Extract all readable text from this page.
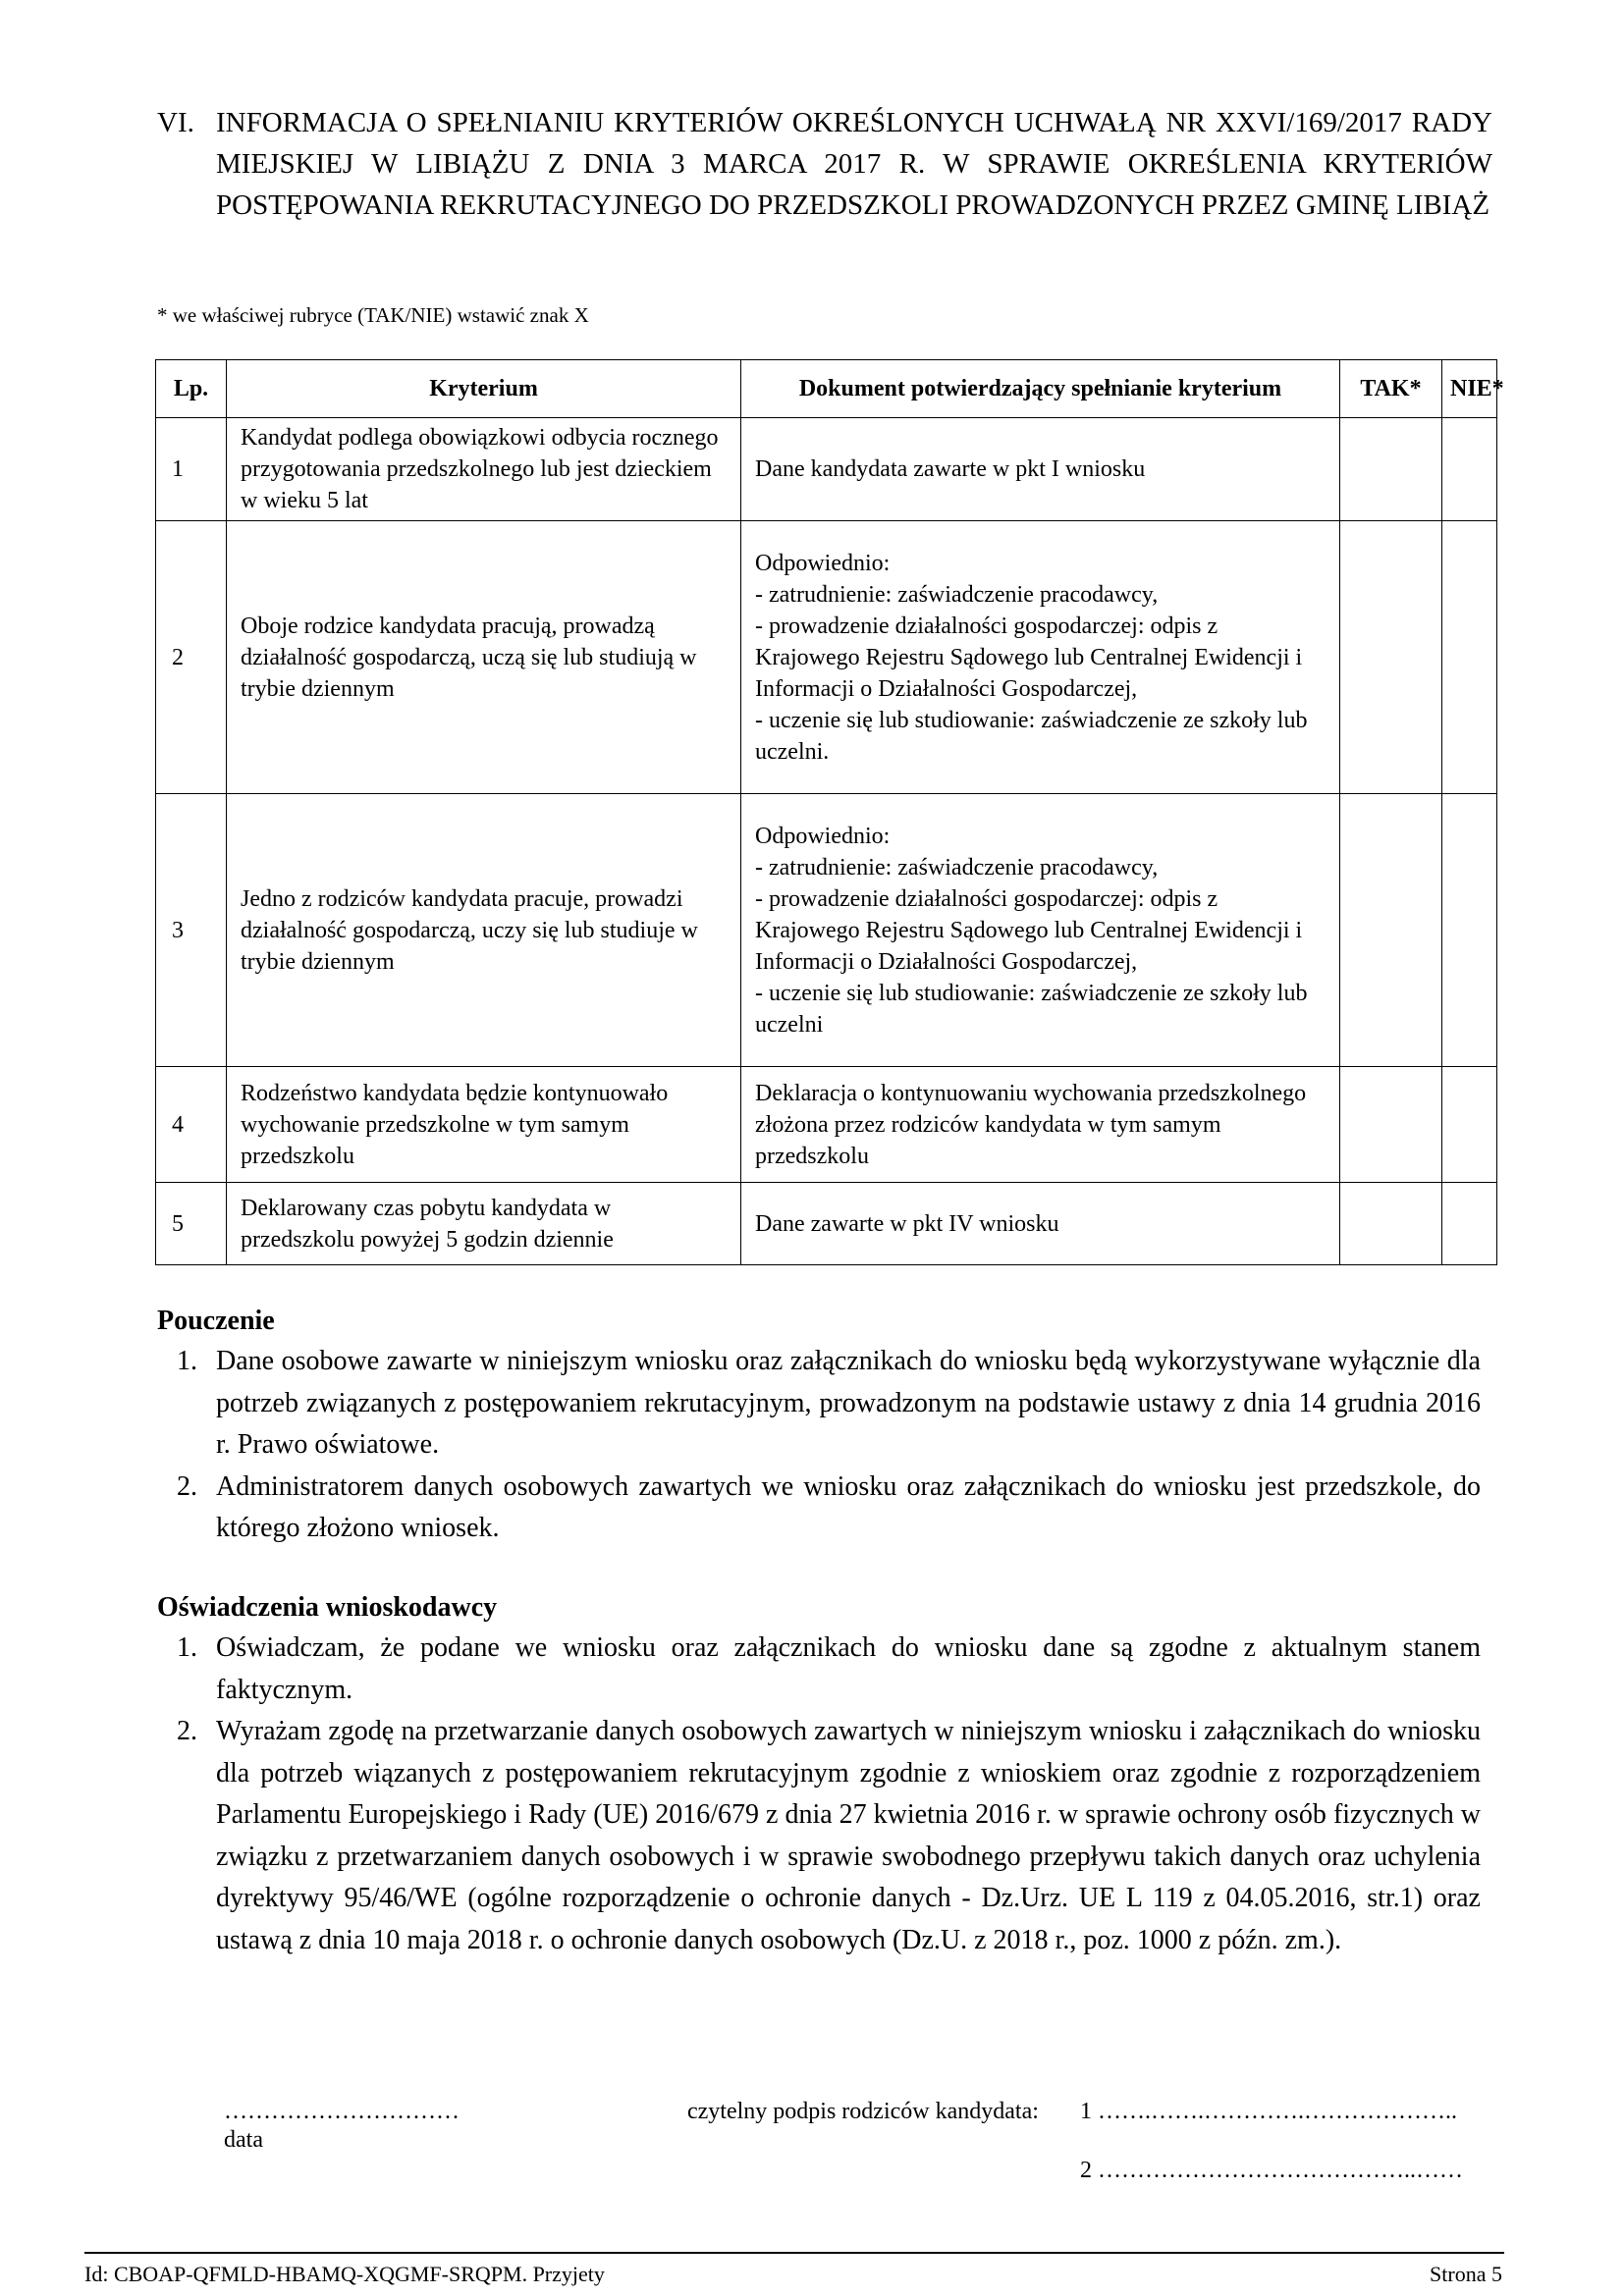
VI. INFORMACJA O SPEŁNIANIU KRYTERIÓW OKREŚLONYCH UCHWAŁĄ NR XXVI/169/2017 RADY MIEJSKIEJ W LIBIĄŻU Z DNIA 3 MARCA 2017 R. W SPRAWIE OKREŚLENIA KRYTERIÓW POSTĘPOWANIA REKRUTACYJNEGO DO PRZEDSZKOLI PROWADZONYCH PRZEZ GMINĘ LIBIĄŻ
* we właściwej rubryce (TAK/NIE) wstawić znak X
Lp.	Kryterium	Dokument potwierdzający spełnianie kryterium	TAK*	NIE*
1	Kandydat podlega obowiązkowi odbycia rocznego przygotowania przedszkolnego lub jest dzieckiem w wieku 5 lat	Dane kandydata zawarte w pkt I wniosku		

2	Oboje rodzice kandydata pracują, prowadzą działalność gospodarczą, uczą się lub studiują w trybie dziennym	Odpowiednio:
- zatrudnienie: zaświadczenie pracodawcy,
- prowadzenie działalności gospodarczej: odpis z Krajowego Rejestru Sądowego lub Centralnej Ewidencji i Informacji o Działalności Gospodarczej,
- uczenie się lub studiowanie: zaświadczenie ze szkoły lub uczelni.		

3	Jedno z rodziców kandydata pracuje, prowadzi działalność gospodarczą, uczy się lub studiuje w trybie dziennym	Odpowiednio:
- zatrudnienie: zaświadczenie pracodawcy,
- prowadzenie działalności gospodarczej: odpis z Krajowego Rejestru Sądowego lub Centralnej Ewidencji i Informacji o Działalności Gospodarczej,
- uczenie się lub studiowanie: zaświadczenie ze szkoły lub uczelni		

4	Rodzeństwo kandydata będzie kontynuowało wychowanie przedszkolne w tym samym przedszkolu	Deklaracja o kontynuowaniu wychowania przedszkolnego złożona przez rodziców kandydata w tym samym przedszkolu		

5	Deklarowany czas pobytu kandydata w przedszkolu powyżej 5 godzin dziennie	Dane zawarte w pkt IV wniosku		

Pouczenie
1. Dane osobowe zawarte w niniejszym wniosku oraz załącznikach do wniosku będą wykorzystywane wyłącznie dla potrzeb związanych z postępowaniem rekrutacyjnym, prowadzonym na podstawie ustawy z dnia 14 grudnia 2016 r. Prawo oświatowe.
2. Administratorem danych osobowych zawartych we wniosku oraz załącznikach do wniosku jest przedszkole, do którego złożono wniosek.
Oświadczenia wnioskodawcy
1. Oświadczam, że podane we wniosku oraz załącznikach do wniosku dane są zgodne z aktualnym stanem faktycznym.
2. Wyrażam zgodę na przetwarzanie danych osobowych zawartych w niniejszym wniosku i załącznikach do wniosku dla potrzeb wiązanych z postępowaniem rekrutacyjnym zgodnie z wnioskiem oraz zgodnie z rozporządzeniem Parlamentu Europejskiego i Rady (UE) 2016/679 z dnia 27 kwietnia 2016 r. w sprawie ochrony osób fizycznych w związku z przetwarzaniem danych osobowych i w sprawie swobodnego przepływu takich danych oraz uchylenia dyrektywy 95/46/WE (ogólne rozporządzenie o ochronie danych - Dz.Urz. UE L 119 z 04.05.2016, str.1) oraz ustawą z dnia 10 maja 2018 r. o ochronie danych osobowych (Dz.U. z 2018 r., poz. 1000 z późn. zm.).
…………………………
data
czytelny podpis rodziców kandydata: 1 …….…….………….………………..
2 …………………………………..……
Id: CBOAP-QFMLD-HBAMQ-XQGMF-SRQPM. Przyjety	Strona 5
